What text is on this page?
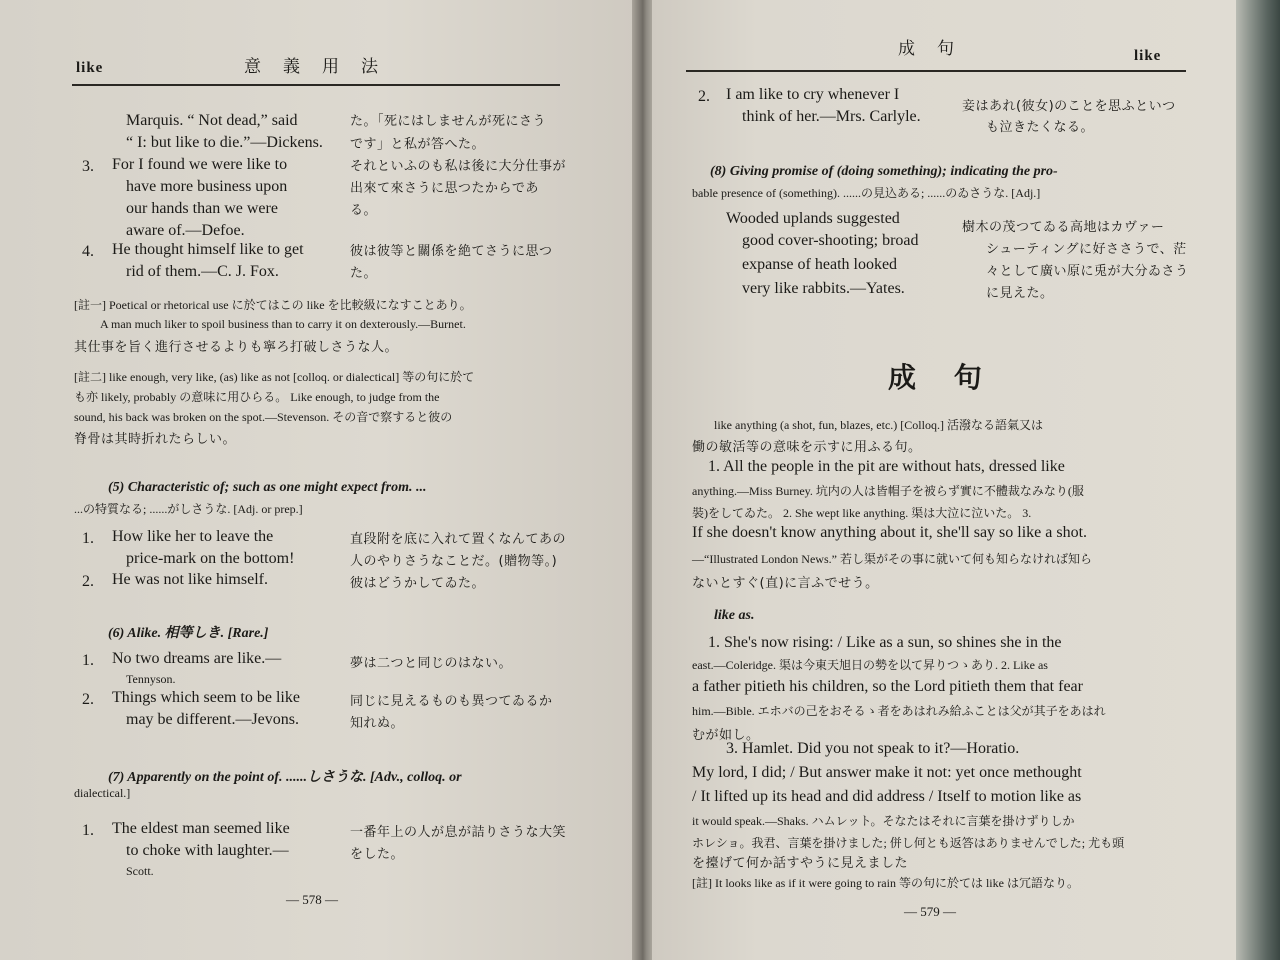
like	意義用法
Marquis. “ Not dead,” said
“ I: but like to die.”—Dickens.
た。「死にはしませんが死にさう
です」と私が答へた。
3. For I found we were like to
have more business upon
our hands than we were
aware of.—Defoe.
それといふのも私は後に大分仕事が
出來て來さうに思つたからであ
る。
4. He thought himself like to get
rid of them.—C. J. Fox.
彼は彼等と關係を絶てさうに思つ
た。
[註一] Poetical or rhetorical use に於てはこの like を比較級になすことあり。
A man much liker to spoil business than to carry it on dexterously.—Burnet.
其仕事を旨く進行させるよりも寧ろ打破しさうな人。
[註二] like enough, very like, (as) like as not [colloq. or dialectical] 等の句に於て
も亦 likely, probably の意味に用ひらる。 Like enough, to judge from the
sound, his back was broken on the spot.—Stevenson. その音で察すると彼の
脊骨は其時折れたらしい。
(5) Characteristic of; such as one might expect from. ...
...の特質なる; ......がしさうな. [Adj. or prep.]
1. How like her to leave the
price-mark on the bottom!
直段附を底に入れて置くなんてあの
人のやりさうなことだ。(贈物等。)
2. He was not like himself.	彼はどうかしてゐた。
(6) Alike. 相等しき. [Rare.]
1. No two dreams are like.—
Tennyson.
夢は二つと同じのはない。
2. Things which seem to be like
may be different.—Jevons.
同じに見えるものも異つてゐるか
知れぬ。
(7) Apparently on the point of. ......しさうな. [Adv., colloq. or
dialectical.]
1. The eldest man seemed like
to choke with laughter.—
Scott.
一番年上の人が息が詰りさうな大笑
をした。
— 578 —
成句	like
2. I am like to cry whenever I
think of her.—Mrs. Carlyle.
妾はあれ(彼女)のことを思ふといつ
も泣きたくなる。
(8) Giving promise of (doing something); indicating the pro-
bable presence of (something). ......の見込ある; ......のゐさうな. [Adj.]
Wooded uplands suggested
good cover-shooting; broad
expanse of heath looked
very like rabbits.—Yates.
樹木の茂つてゐる高地はカヴァー
シューティングに好ささうで、茫
々として廣い原に兎が大分ゐさう
に見えた。
成 句
like anything (a shot, fun, blazes, etc.) [Colloq.] 活潑なる語氣又は
働の敏活等の意味を示すに用ふる句。
1. All the people in the pit are without hats, dressed like
anything.—Miss Burney. 坑内の人は皆帽子を被らず實に不體裁なみなり(服
裝)をしてゐた。 2. She wept like anything. 渠は大泣に泣いた。 3.
If she doesn't know anything about it, she'll say so like a shot.
—“Illustrated London News.” 若し渠がその事に就いて何も知らなければ知ら
ないとすぐ(直)に言ふでせう。
like as.
1. She's now rising: / Like as a sun, so shines she in the
east.—Coleridge. 渠は今東天旭日の勢を以て昇りつゝあり. 2. Like as
a father pitieth his children, so the Lord pitieth them that fear
him.—Bible. エホバの己をおそるゝ者をあはれみ給ふことは父が其子をあはれ
むが如し。
3. Hamlet. Did you not speak to it?—Horatio.
My lord, I did; / But answer make it not: yet once methought
/ It lifted up its head and did address / Itself to motion like as
it would speak.—Shaks. ハムレット。そなたはそれに言葉を掛けずりしか
ホレショ。我君、言葉を掛けました; 併し何とも返答はありませんでした; 尤も頭
を擡げて何か話すやうに見えました
[註] It looks like as if it were going to rain 等の句に於ては like は冗語なり。
— 579 —
